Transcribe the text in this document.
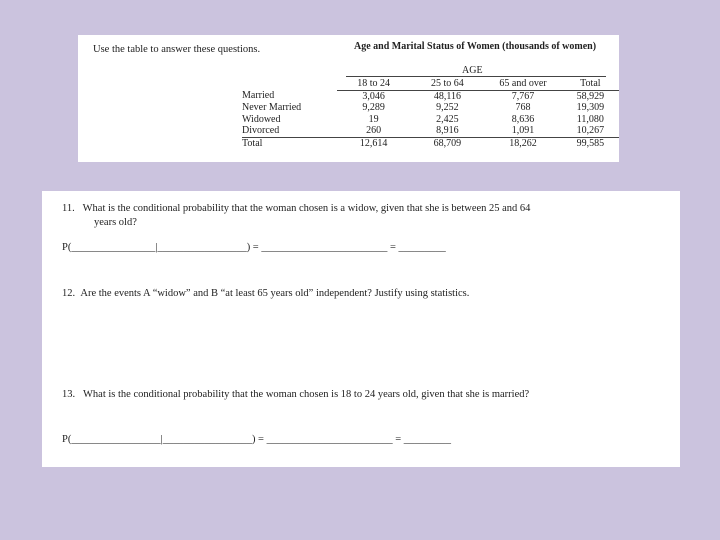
Use the table to answer these questions.	Age and Marital Status of Women (thousands of women)
AGE
	18 to 24	25 to 64	65 and over	Total
Married	3,046	48,116	7,767	58,929
Never Married	9,289	9,252	768	19,309
Widowed	19	2,425	8,636	11,080
Divorced	260	8,916	1,091	10,267
Total	12,614	68,709	18,262	99,585
11. What is the conditional probability that the woman chosen is a widow, given that she is between 25 and 64
years old?
P(________________|_________________) = ________________________ = _________
12. Are the events A “widow” and B “at least 65 years old” independent? Justify using statistics.
13. What is the conditional probability that the woman chosen is 18 to 24 years old, given that she is married?
P(_________________|_________________) = ________________________ = _________
